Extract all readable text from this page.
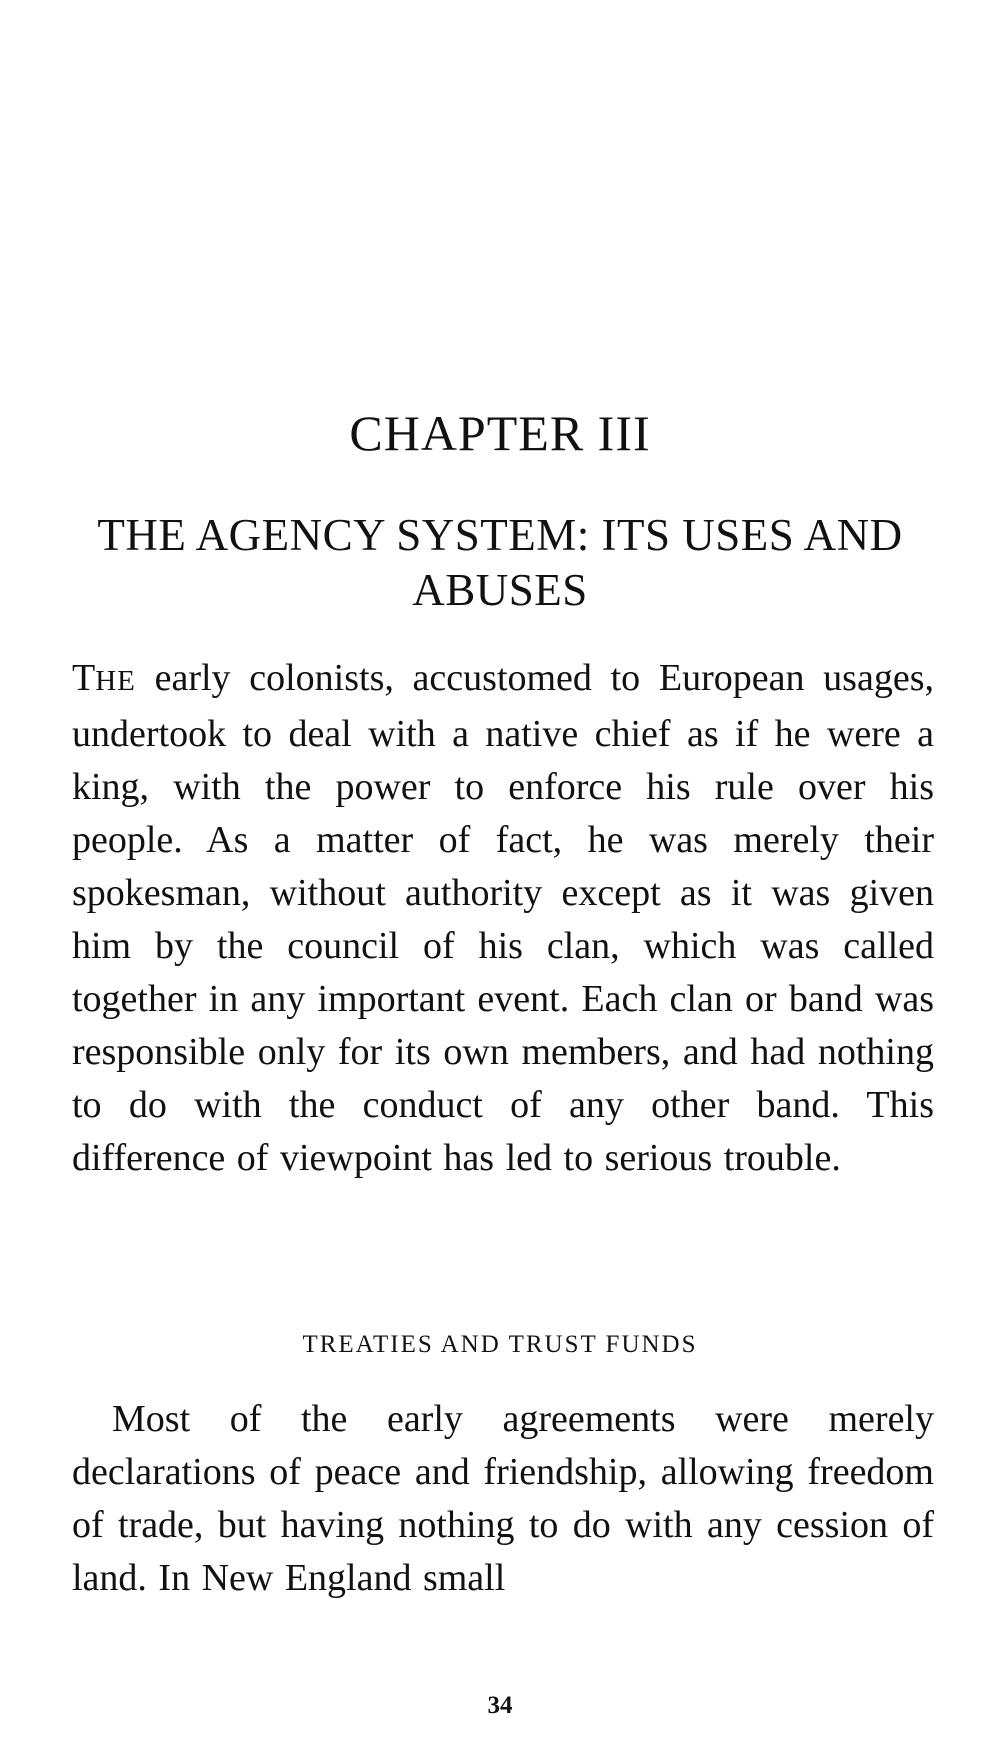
CHAPTER III
THE AGENCY SYSTEM: ITS USES AND ABUSES

THE early colonists, accustomed to European usages, undertook to deal with a native chief as if he were a king, with the power to enforce his rule over his people. As a matter of fact, he was merely their spokesman, without authority except as it was given him by the council of his clan, which was called together in any important event. Each clan or band was responsible only for its own members, and had nothing to do with the conduct of any other band. This difference of viewpoint has led to serious trouble.

TREATIES AND TRUST FUNDS

Most of the early agreements were merely declarations of peace and friendship, allowing freedom of trade, but having nothing to do with any cession of land. In New England small

34
